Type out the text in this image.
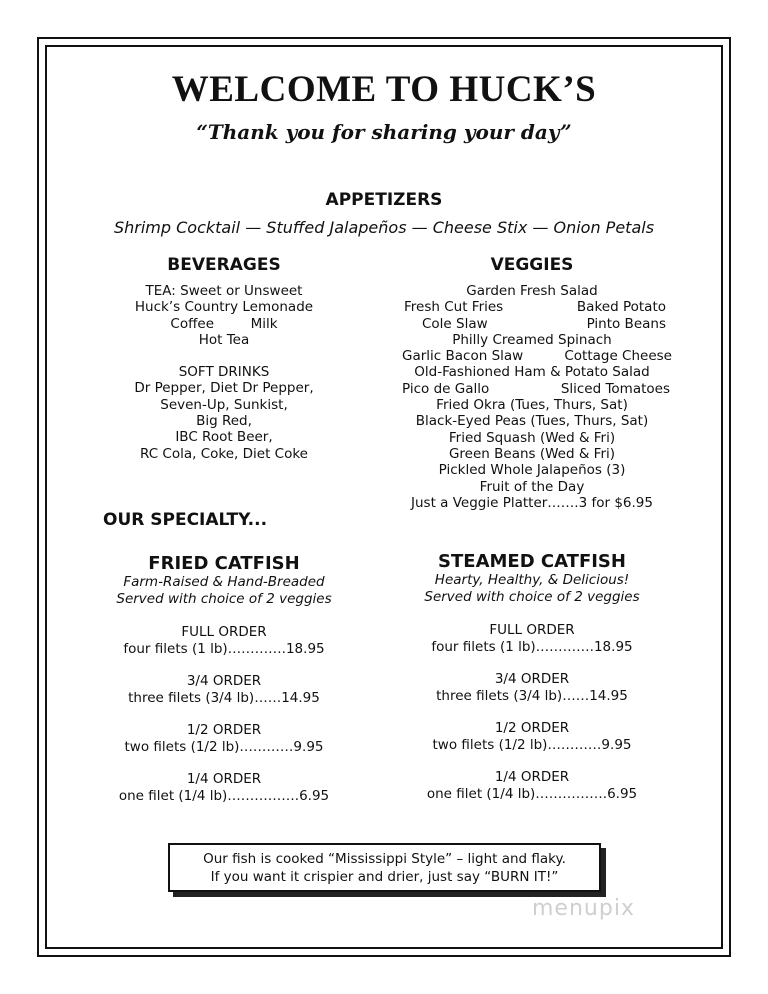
WELCOME TO HUCK’S
“Thank you for sharing your day”
APPETIZERS
Shrimp Cocktail — Stuffed Jalapeños — Cheese Stix — Onion Petals
BEVERAGES
TEA: Sweet or Unsweet
Huck’s Country Lemonade
Coffee	Milk
Hot Tea
SOFT DRINKS
Dr Pepper, Diet Dr Pepper,
Seven-Up, Sunkist,
Big Red,
IBC Root Beer,
RC Cola, Coke, Diet Coke
VEGGIES
Garden Fresh Salad
Fresh Cut Fries	Baked Potato
Cole Slaw	Pinto Beans
Philly Creamed Spinach
Garlic Bacon Slaw	Cottage Cheese
Old-Fashioned Ham & Potato Salad
Pico de Gallo	Sliced Tomatoes
Fried Okra (Tues, Thurs, Sat)
Black-Eyed Peas (Tues, Thurs, Sat)
Fried Squash (Wed & Fri)
Green Beans (Wed & Fri)
Pickled Whole Jalapeños (3)
Fruit of the Day
Just a Veggie Platter…….3 for $6.95
OUR SPECIALTY...
FRIED CATFISH
Farm-Raised & Hand-Breaded
Served with choice of 2 veggies
FULL ORDER
four filets (1 lb)………….18.95
3/4 ORDER
three filets (3/4 lb)……14.95
1/2 ORDER
two filets (1/2 lb)…………9.95
1/4 ORDER
one filet (1/4 lb)…………….6.95
STEAMED CATFISH
Hearty, Healthy, & Delicious!
Served with choice of 2 veggies
FULL ORDER
four filets (1 lb)………….18.95
3/4 ORDER
three filets (3/4 lb)……14.95
1/2 ORDER
two filets (1/2 lb)…………9.95
1/4 ORDER
one filet (1/4 lb)…………….6.95
Our fish is cooked “Mississippi Style” – light and flaky.
If you want it crispier and drier, just say “BURN IT!”
menupix
